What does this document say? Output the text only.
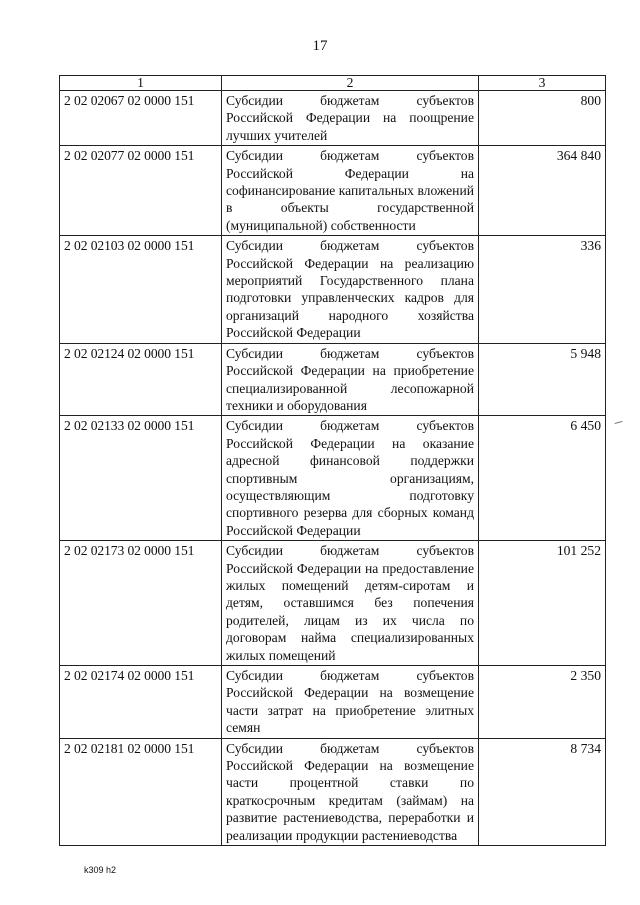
17
1	2	3
2 02 02067 02 0000 151	Субсидии бюджетам субъектов Российской Федерации на поощрение лучших учителей	800
2 02 02077 02 0000 151	Субсидии бюджетам субъектов Российской Федерации на софинансирование капитальных вложений в объекты государственной (муниципальной) собственности	364 840
2 02 02103 02 0000 151	Субсидии бюджетам субъектов Российской Федерации на реализацию мероприятий Государственного плана подготовки управленческих кадров для организаций народного хозяйства Российской Федерации	336
2 02 02124 02 0000 151	Субсидии бюджетам субъектов Российской Федерации на приобретение специализированной лесопожарной техники и оборудования	5 948
2 02 02133 02 0000 151	Субсидии бюджетам субъектов Российской Федерации на оказание адресной финансовой поддержки спортивным организациям, осуществляющим подготовку спортивного резерва для сборных команд Российской Федерации	6 450
2 02 02173 02 0000 151	Субсидии бюджетам субъектов Российской Федерации на предоставление жилых помещений детям-сиротам и детям, оставшимся без попечения родителей, лицам из их числа по договорам найма специализированных жилых помещений	101 252
2 02 02174 02 0000 151	Субсидии бюджетам субъектов Российской Федерации на возмещение части затрат на приобретение элитных семян	2 350
2 02 02181 02 0000 151	Субсидии бюджетам субъектов Российской Федерации на возмещение части процентной ставки по краткосрочным кредитам (займам) на развитие растениеводства, переработки и реализации продукции растениеводства	8 734
k309 h2
